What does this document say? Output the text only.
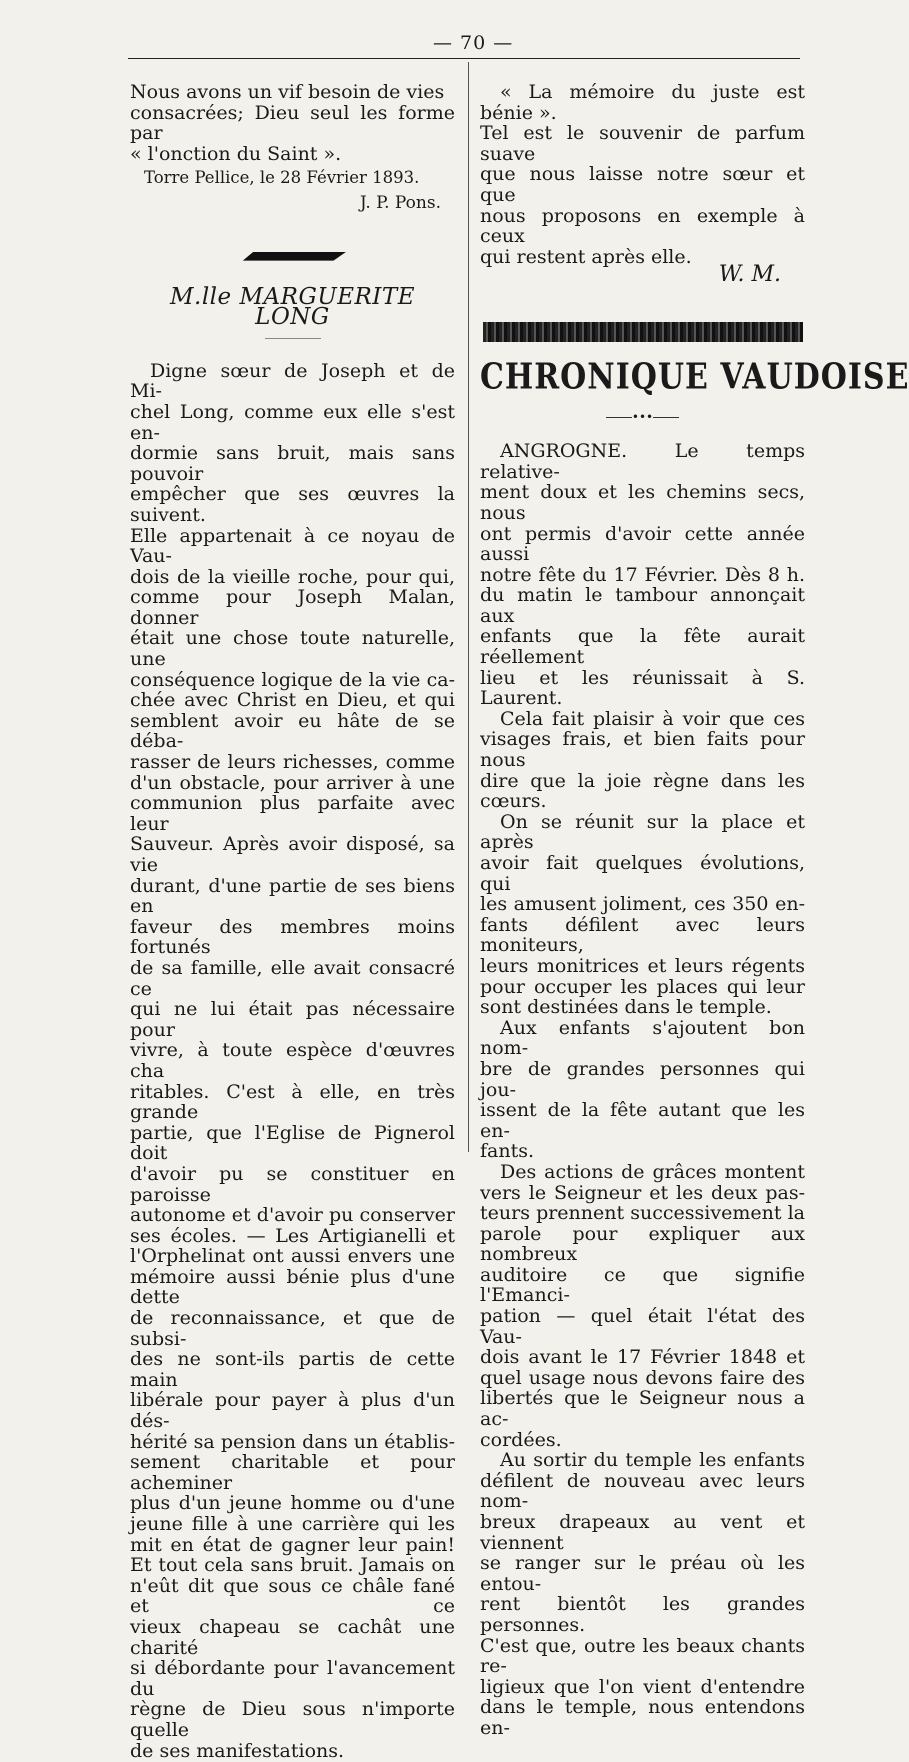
— 70 —

Nous avons un vif besoin de vies

consacrées; Dieu seul les forme par

« l'onction du Saint ».

Torre Pellice, le 28 Février 1893.

J. P. Pons.

M.lle MARGUERITE LONG

Digne sœur de Joseph et de Mi-

chel Long, comme eux elle s'est en-

dormie sans bruit, mais sans pouvoir

empêcher que ses œuvres la suivent.

Elle appartenait à ce noyau de Vau-

dois de la vieille roche, pour qui,

comme pour Joseph Malan, donner

était une chose toute naturelle, une

conséquence logique de la vie ca-

chée avec Christ en Dieu, et qui

semblent avoir eu hâte de se déba-

rasser de leurs richesses, comme

d'un obstacle, pour arriver à une

communion plus parfaite avec leur

Sauveur. Après avoir disposé, sa vie

durant, d'une partie de ses biens en

faveur des membres moins fortunés

de sa famille, elle avait consacré ce

qui ne lui était pas nécessaire pour

vivre, à toute espèce d'œuvres cha

ritables. C'est à elle, en très grande

partie, que l'Eglise de Pignerol doit

d'avoir pu se constituer en paroisse

autonome et d'avoir pu conserver

ses écoles. — Les Artigianelli et

l'Orphelinat ont aussi envers une

mémoire aussi bénie plus d'une dette

de reconnaissance, et que de subsi-

des ne sont-ils partis de cette main

libérale pour payer à plus d'un dés-

hérité sa pension dans un établis-

sement charitable et pour acheminer

plus d'un jeune homme ou d'une

jeune fille à une carrière qui les

mit en état de gagner leur pain!

Et tout cela sans bruit. Jamais on

n'eût dit que sous ce châle fané et ce

vieux chapeau se cachât une charité

si débordante pour l'avancement du

règne de Dieu sous n'importe quelle

de ses manifestations.

« La mémoire du juste est bénie ».

Tel est le souvenir de parfum suave

que nous laisse notre sœur et que

nous proposons en exemple à ceux

qui restent après elle.

W. M.

CHRONIQUE VAUDOISE

•••

ANGROGNE. Le temps relative-

ment doux et les chemins secs, nous

ont permis d'avoir cette année aussi

notre fête du 17 Février. Dès 8 h.

du matin le tambour annonçait aux

enfants que la fête aurait réellement

lieu et les réunissait à S. Laurent.

Cela fait plaisir à voir que ces

visages frais, et bien faits pour nous

dire que la joie règne dans les

cœurs.

On se réunit sur la place et après

avoir fait quelques évolutions, qui

les amusent joliment, ces 350 en-

fants défilent avec leurs moniteurs,

leurs monitrices et leurs régents

pour occuper les places qui leur

sont destinées dans le temple.

Aux enfants s'ajoutent bon nom-

bre de grandes personnes qui jou-

issent de la fête autant que les en-

fants.

Des actions de grâces montent

vers le Seigneur et les deux pas-

teurs prennent successivement la

parole pour expliquer aux nombreux

auditoire ce que signifie l'Emanci-

pation — quel était l'état des Vau-

dois avant le 17 Février 1848 et

quel usage nous devons faire des

libertés que le Seigneur nous a ac-

cordées.

Au sortir du temple les enfants

défilent de nouveau avec leurs nom-

breux drapeaux au vent et viennent

se ranger sur le préau où les entou-

rent bientôt les grandes personnes.

C'est que, outre les beaux chants re-

ligieux que l'on vient d'entendre

dans le temple, nous entendons en-
